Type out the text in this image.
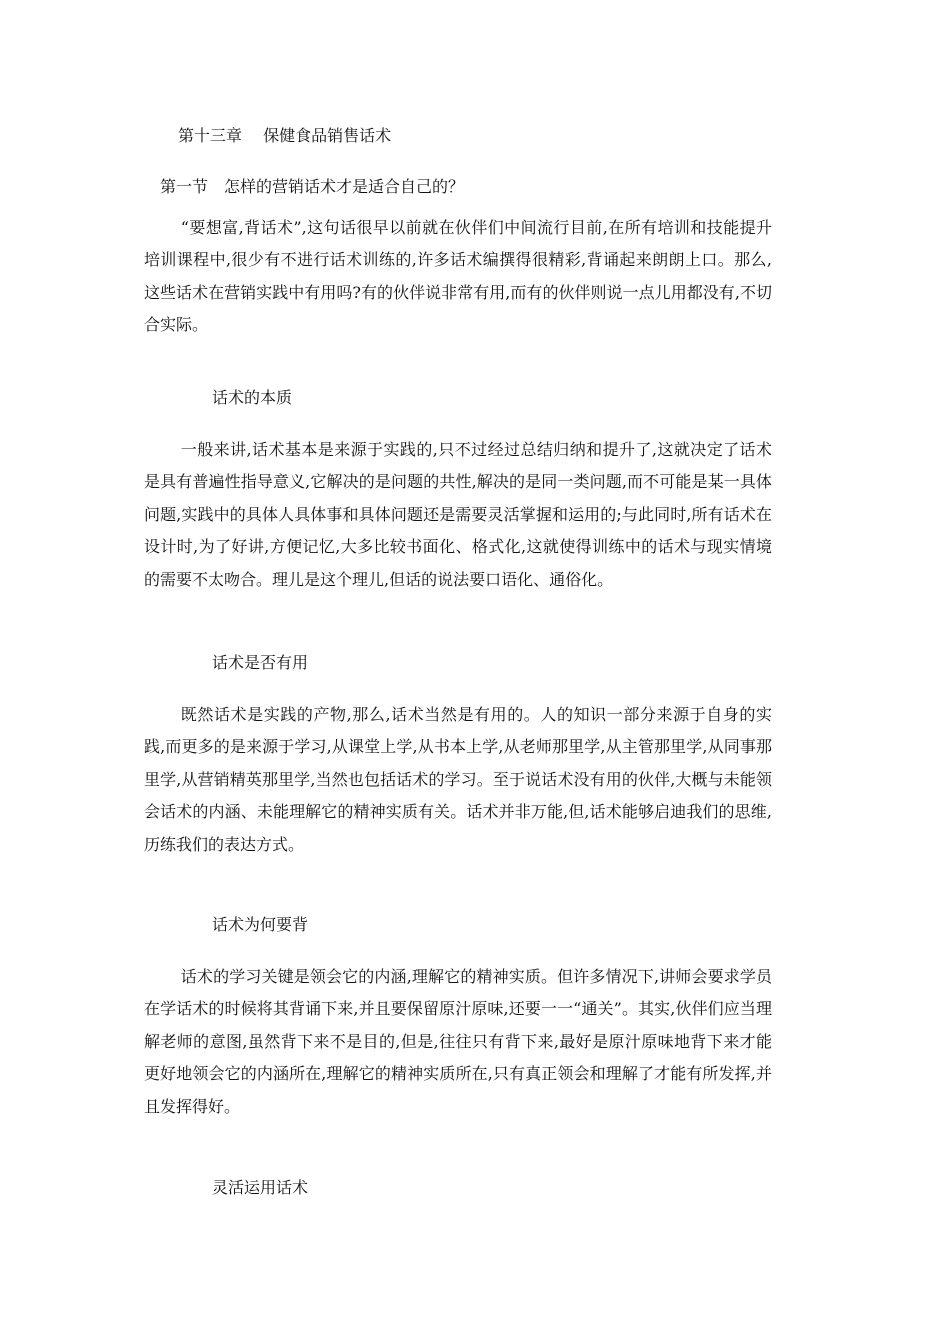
第十三章　 保健食品销售话术
第一节　怎样的营销话术才是适合自己的？

“要想富,背话术”,这句话很早以前就在伙伴们中间流行目前,在所有培训和技能提升培训课程中,很少有不进行话术训练的,许多话术编撰得很精彩,背诵起来朗朗上口。那么,这些话术在营销实践中有用吗?有的伙伴说非常有用,而有的伙伴则说一点儿用都没有,不切合实际。

话术的本质

一般来讲,话术基本是来源于实践的,只不过经过总结归纳和提升了,这就决定了话术是具有普遍性指导意义,它解决的是问题的共性,解决的是同一类问题,而不可能是某一具体问题,实践中的具体人具体事和具体问题还是需要灵活掌握和运用的;与此同时,所有话术在设计时,为了好讲,方便记忆,大多比较书面化、格式化,这就使得训练中的话术与现实情境的需要不太吻合。理儿是这个理儿,但话的说法要口语化、通俗化。

话术是否有用

既然话术是实践的产物,那么,话术当然是有用的。人的知识一部分来源于自身的实践,而更多的是来源于学习,从课堂上学,从书本上学,从老师那里学,从主管那里学,从同事那里学,从营销精英那里学,当然也包括话术的学习。至于说话术没有用的伙伴,大概与未能领会话术的内涵、未能理解它的精神实质有关。话术并非万能,但,话术能够启迪我们的思维,历练我们的表达方式。

话术为何要背

话术的学习关键是领会它的内涵,理解它的精神实质。但许多情况下,讲师会要求学员在学话术的时候将其背诵下来,并且要保留原汁原味,还要一一“通关”。其实,伙伴们应当理解老师的意图,虽然背下来不是目的,但是,往往只有背下来,最好是原汁原味地背下来才能更好地领会它的内涵所在,理解它的精神实质所在,只有真正领会和理解了才能有所发挥,并且发挥得好。

灵活运用话术
